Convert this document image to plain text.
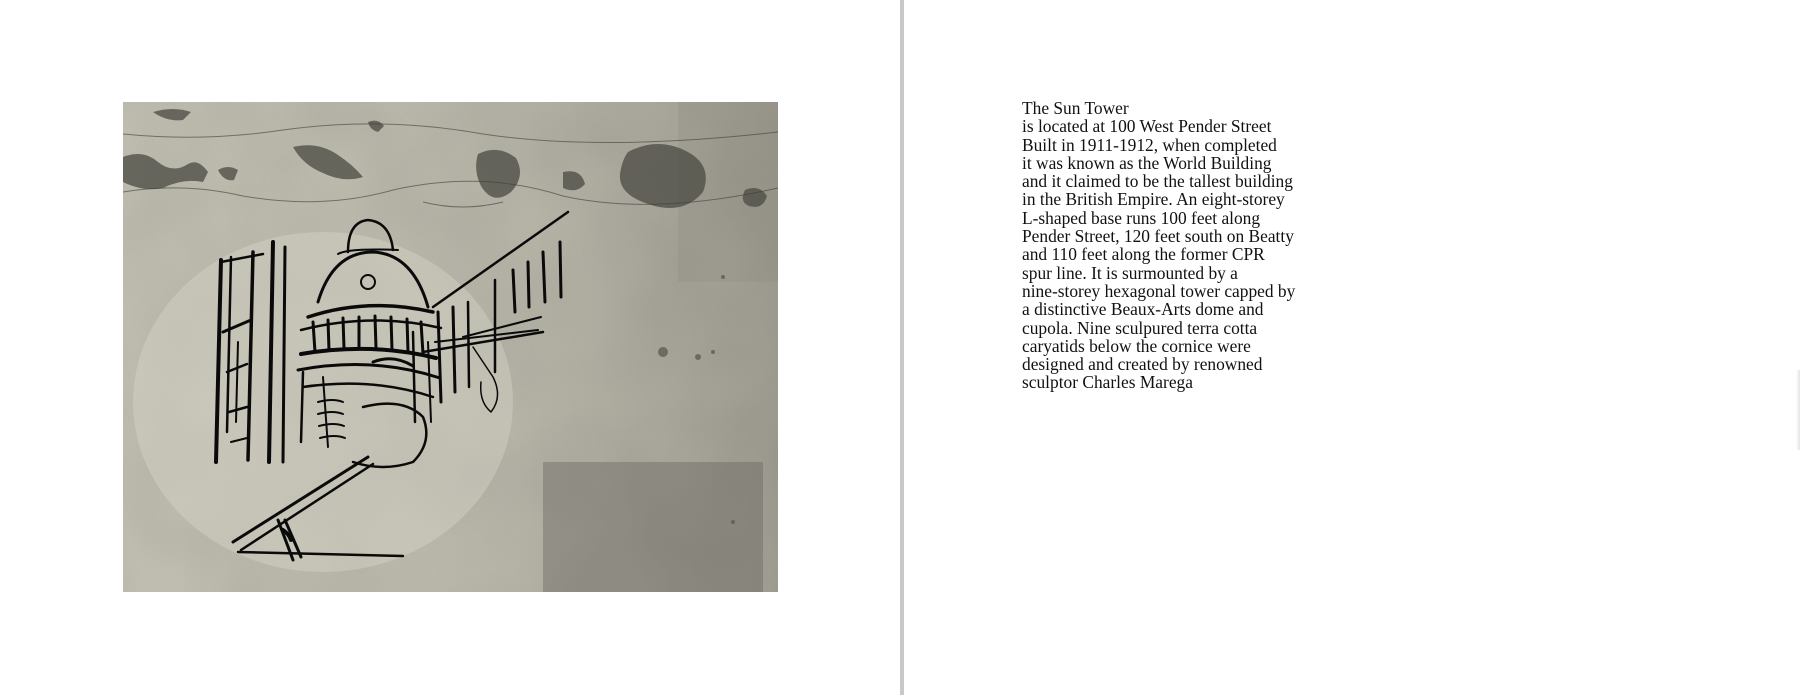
The Sun Tower
is located at 100 West Pender Street
Built in 1911-1912, when completed
it was known as the World Building
and it claimed to be the tallest building
in the British Empire. An eight-storey
L-shaped base runs 100 feet along
Pender Street, 120 feet south on Beatty
and 110 feet along the former CPR
spur line. It is surmounted by a
nine-storey hexagonal tower capped by
a distinctive Beaux-Arts dome and
cupola. Nine sculpured terra cotta
caryatids below the cornice were
designed and created by renowned
sculptor Charles Marega
